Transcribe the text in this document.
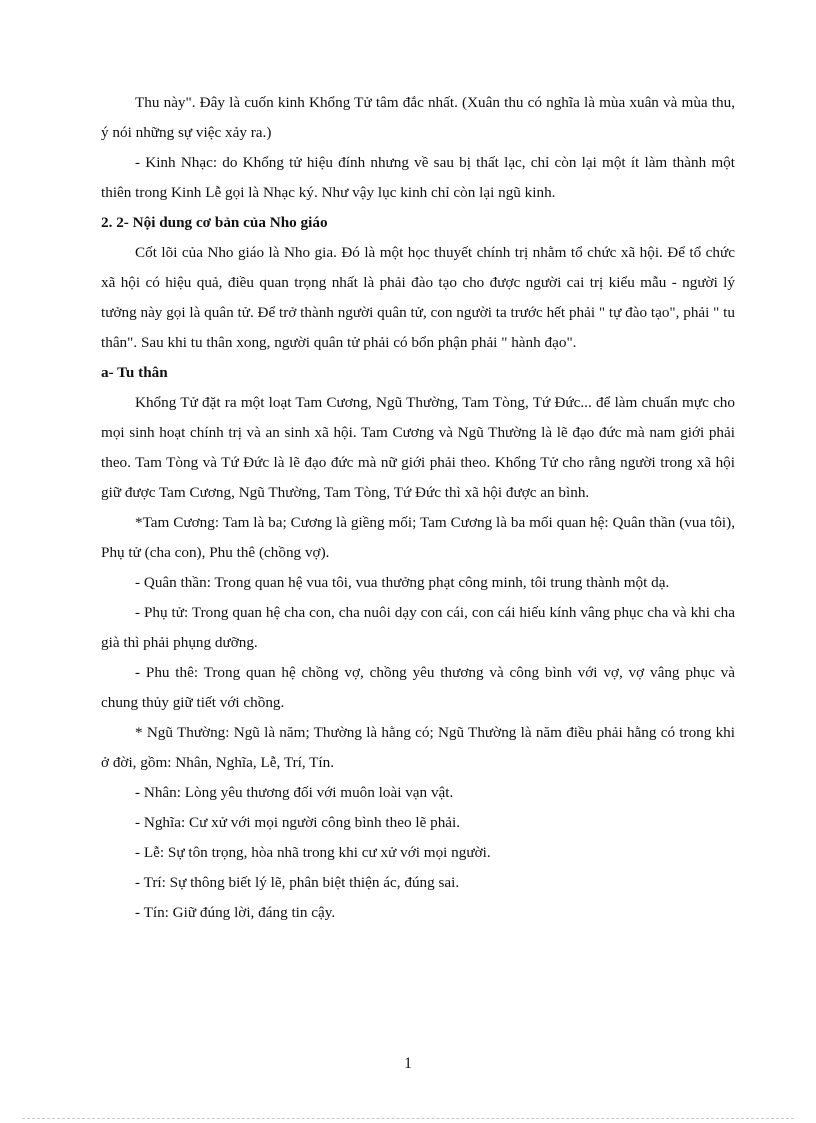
Thu này". Đây là cuốn kinh Khổng Tử tâm đắc nhất. (Xuân thu có nghĩa là mùa xuân và mùa thu, ý nói những sự việc xảy ra.)

- Kinh Nhạc: do Khổng tử hiệu đính nhưng về sau bị thất lạc, chỉ còn lại một ít làm thành một thiên trong Kinh Lễ gọi là Nhạc ký. Như vậy lục kinh chỉ còn lại ngũ kinh.

2. 2- Nội dung cơ bản của Nho giáo

Cốt lõi của Nho giáo là Nho gia. Đó là một học thuyết chính trị nhằm tổ chức xã hội. Để tổ chức xã hội có hiệu quả, điều quan trọng nhất là phải đào tạo cho được người cai trị kiểu mẫu - người lý tưởng này gọi là quân tử. Để trở thành người quân tử, con người ta trước hết phải " tự đào tạo", phải " tu thân". Sau khi tu thân xong, người quân tử phải có bổn phận phải " hành đạo".

a- Tu thân

Khổng Tử đặt ra một loạt Tam Cương, Ngũ Thường, Tam Tòng, Tứ Đức... để làm chuẩn mực cho mọi sinh hoạt chính trị và an sinh xã hội. Tam Cương và Ngũ Thường là lẽ đạo đức mà nam giới phải theo. Tam Tòng và Tứ Đức là lẽ đạo đức mà nữ giới phải theo. Khổng Tử cho rằng người trong xã hội giữ được Tam Cương, Ngũ Thường, Tam Tòng, Tứ Đức thì xã hội được an bình.

*Tam Cương: Tam là ba; Cương là giềng mối; Tam Cương là ba mối quan hệ: Quân thần (vua tôi), Phụ tử (cha con), Phu thê (chồng vợ).

- Quân thần: Trong quan hệ vua tôi, vua thưởng phạt công minh, tôi trung thành một dạ.

- Phụ tử: Trong quan hệ cha con, cha nuôi dạy con cái, con cái hiếu kính vâng phục cha và khi cha già thì phải phụng dưỡng.

- Phu thê: Trong quan hệ chồng vợ, chồng yêu thương và công bình với vợ, vợ vâng phục và chung thủy giữ tiết với chồng.

* Ngũ Thường: Ngũ là năm; Thường là hằng có; Ngũ Thường là năm điều phải hằng có trong khi ở đời, gồm: Nhân, Nghĩa, Lễ, Trí, Tín.

- Nhân: Lòng yêu thương đối với muôn loài vạn vật.

- Nghĩa: Cư xử với mọi người công bình theo lẽ phải.

- Lễ: Sự tôn trọng, hòa nhã trong khi cư xử với mọi người.

- Trí: Sự thông biết lý lẽ, phân biệt thiện ác, đúng sai.

- Tín: Giữ đúng lời, đáng tin cậy.

1
